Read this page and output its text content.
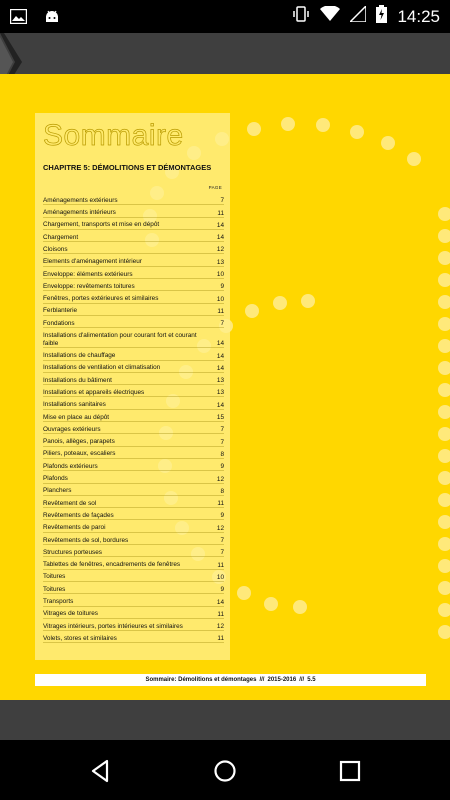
14:25
Sommaire
CHAPITRE 5: DÉMOLITIONS ET DÉMONTAGES
PAGE
Aménagements extérieurs	7
Aménagements intérieurs	11
Chargement, transports et mise en dépôt	14
Chargement	14
Cloisons	12
Elements d'aménagement intérieur	13
Enveloppe: éléments extérieurs	10
Enveloppe: revêtements toitures	9
Fenêtres, portes extérieures et similaires	10
Ferblanterie	11
Fondations	7
Installations d'alimentation pour courant fort et courant faible	14
Installations de chauffage	14
Installations de ventilation et climatisation	14
Installations du bâtiment	13
Installations et appareils électriques	13
Installations sanitaires	14
Mise en place au dépôt	15
Ouvrages extérieurs	7
Panois, allèges, parapets	7
Piliers, poteaux, escaliers	8
Plafonds extérieurs	9
Plafonds	12
Planchers	8
Revêtement de sol	11
Revêtements de façades	9
Revêtements de paroi	12
Revêtements de sol, bordures	7
Structures porteuses	7
Tablettes de fenêtres, encadrements de fenêtres	11
Toitures	10
Toitures	9
Transports	14
Vitrages de toitures	11
Vitrages intérieurs, portes intérieures et similaires	12
Volets, stores et similaires	11
Sommaire: Démolitions et démontages /// 2015-2016 /// 5.5
